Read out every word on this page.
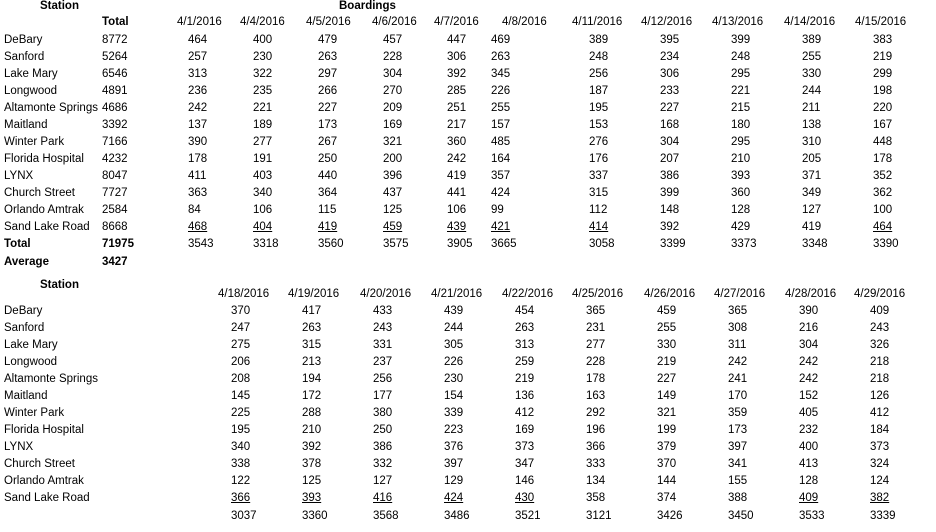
Station	Boardings
Total	4/1/2016	4/4/2016	4/5/2016	4/6/2016	4/7/2016	4/8/2016	4/11/2016	4/12/2016	4/13/2016	4/14/2016	4/15/2016
DeBary	8772	464	400	479	457	447	469	389	395	399	389	383
Sanford	5264	257	230	263	228	306	263	248	234	248	255	219
Lake Mary	6546	313	322	297	304	392	345	256	306	295	330	299
Longwood	4891	236	235	266	270	285	226	187	233	221	244	198
Altamonte Springs 4686	242	221	227	209	251	255	195	227	215	211	220
Maitland	3392	137	189	173	169	217	157	153	168	180	138	167
Winter Park	7166	390	277	267	321	360	485	276	304	295	310	448
Florida Hospital 4232	178	191	250	200	242	164	176	207	210	205	178
LYNX	8047	411	403	440	396	419	357	337	386	393	371	352
Church Street 7727	363	340	364	437	441	424	315	399	360	349	362
Orlando Amtrak 2584	84	106	115	125	106	99	112	148	128	127	100
Sand Lake Road 8668	468	404	419	459	439	421	414	392	429	419	464
Total	71975	3543	3318	3560	3575	3905	3665	3058	3399	3373	3348	3390
Average	3427
Station
4/18/2016	4/19/2016	4/20/2016	4/21/2016	4/22/2016	4/25/2016	4/26/2016	4/27/2016	4/28/2016	4/29/2016
DeBary	370	417	433	439	454	365	459	365	390	409
Sanford	247	263	243	244	263	231	255	308	216	243
Lake Mary	275	315	331	305	313	277	330	311	304	326
Longwood	206	213	237	226	259	228	219	242	242	218
Altamonte Springs	208	194	256	230	219	178	227	241	242	218
Maitland	145	172	177	154	136	163	149	170	152	126
Winter Park	225	288	380	339	412	292	321	359	405	412
Florida Hospital	195	210	250	223	169	196	199	173	232	184
LYNX	340	392	386	376	373	366	379	397	400	373
Church Street	338	378	332	397	347	333	370	341	413	324
Orlando Amtrak	122	125	127	129	146	134	144	155	128	124
Sand Lake Road	366	393	416	424	430	358	374	388	409	382
3037	3360	3568	3486	3521	3121	3426	3450	3533	3339
